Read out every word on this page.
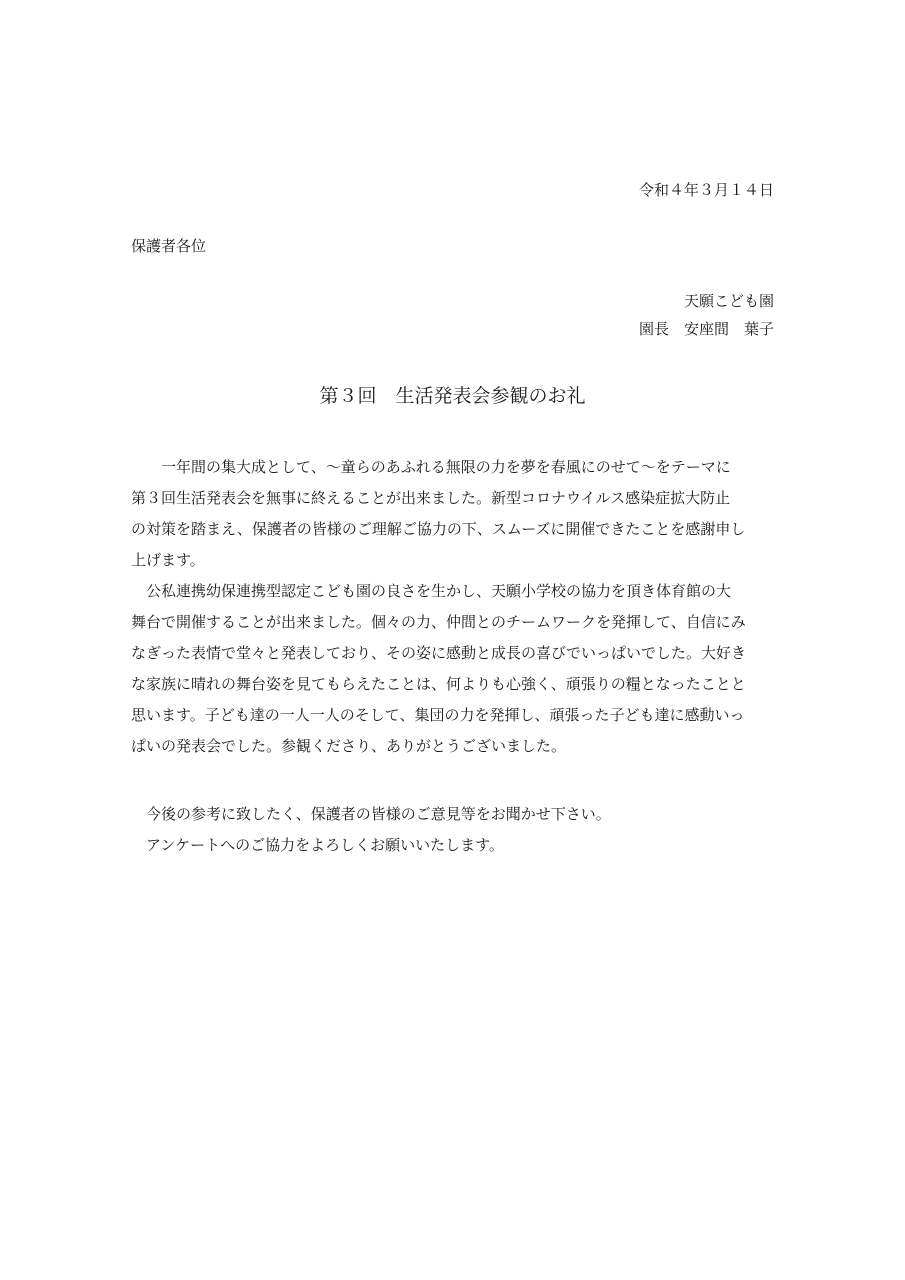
令和４年３月１４日
保護者各位
天願こども園
園長　安座間　葉子
第３回　生活発表会参観のお礼

一年間の集大成として、～童らのあふれる無限の力を夢を春風にのせて～をテーマに

第３回生活発表会を無事に終えることが出来ました。新型コロナウイルス感染症拡大防止

の対策を踏まえ、保護者の皆様のご理解ご協力の下、スムーズに開催できたことを感謝申し

上げます。

公私連携幼保連携型認定こども園の良さを生かし、天願小学校の協力を頂き体育館の大

舞台で開催することが出来ました。個々の力、仲間とのチームワークを発揮して、自信にみ

なぎった表情で堂々と発表しており、その姿に感動と成長の喜びでいっぱいでした。大好き

な家族に晴れの舞台姿を見てもらえたことは、何よりも心強く、頑張りの糧となったことと

思います。子ども達の一人一人のそして、集団の力を発揮し、頑張った子ども達に感動いっ

ぱいの発表会でした。参観くださり、ありがとうございました。

今後の参考に致したく、保護者の皆様のご意見等をお聞かせ下さい。

アンケートへのご協力をよろしくお願いいたします。
